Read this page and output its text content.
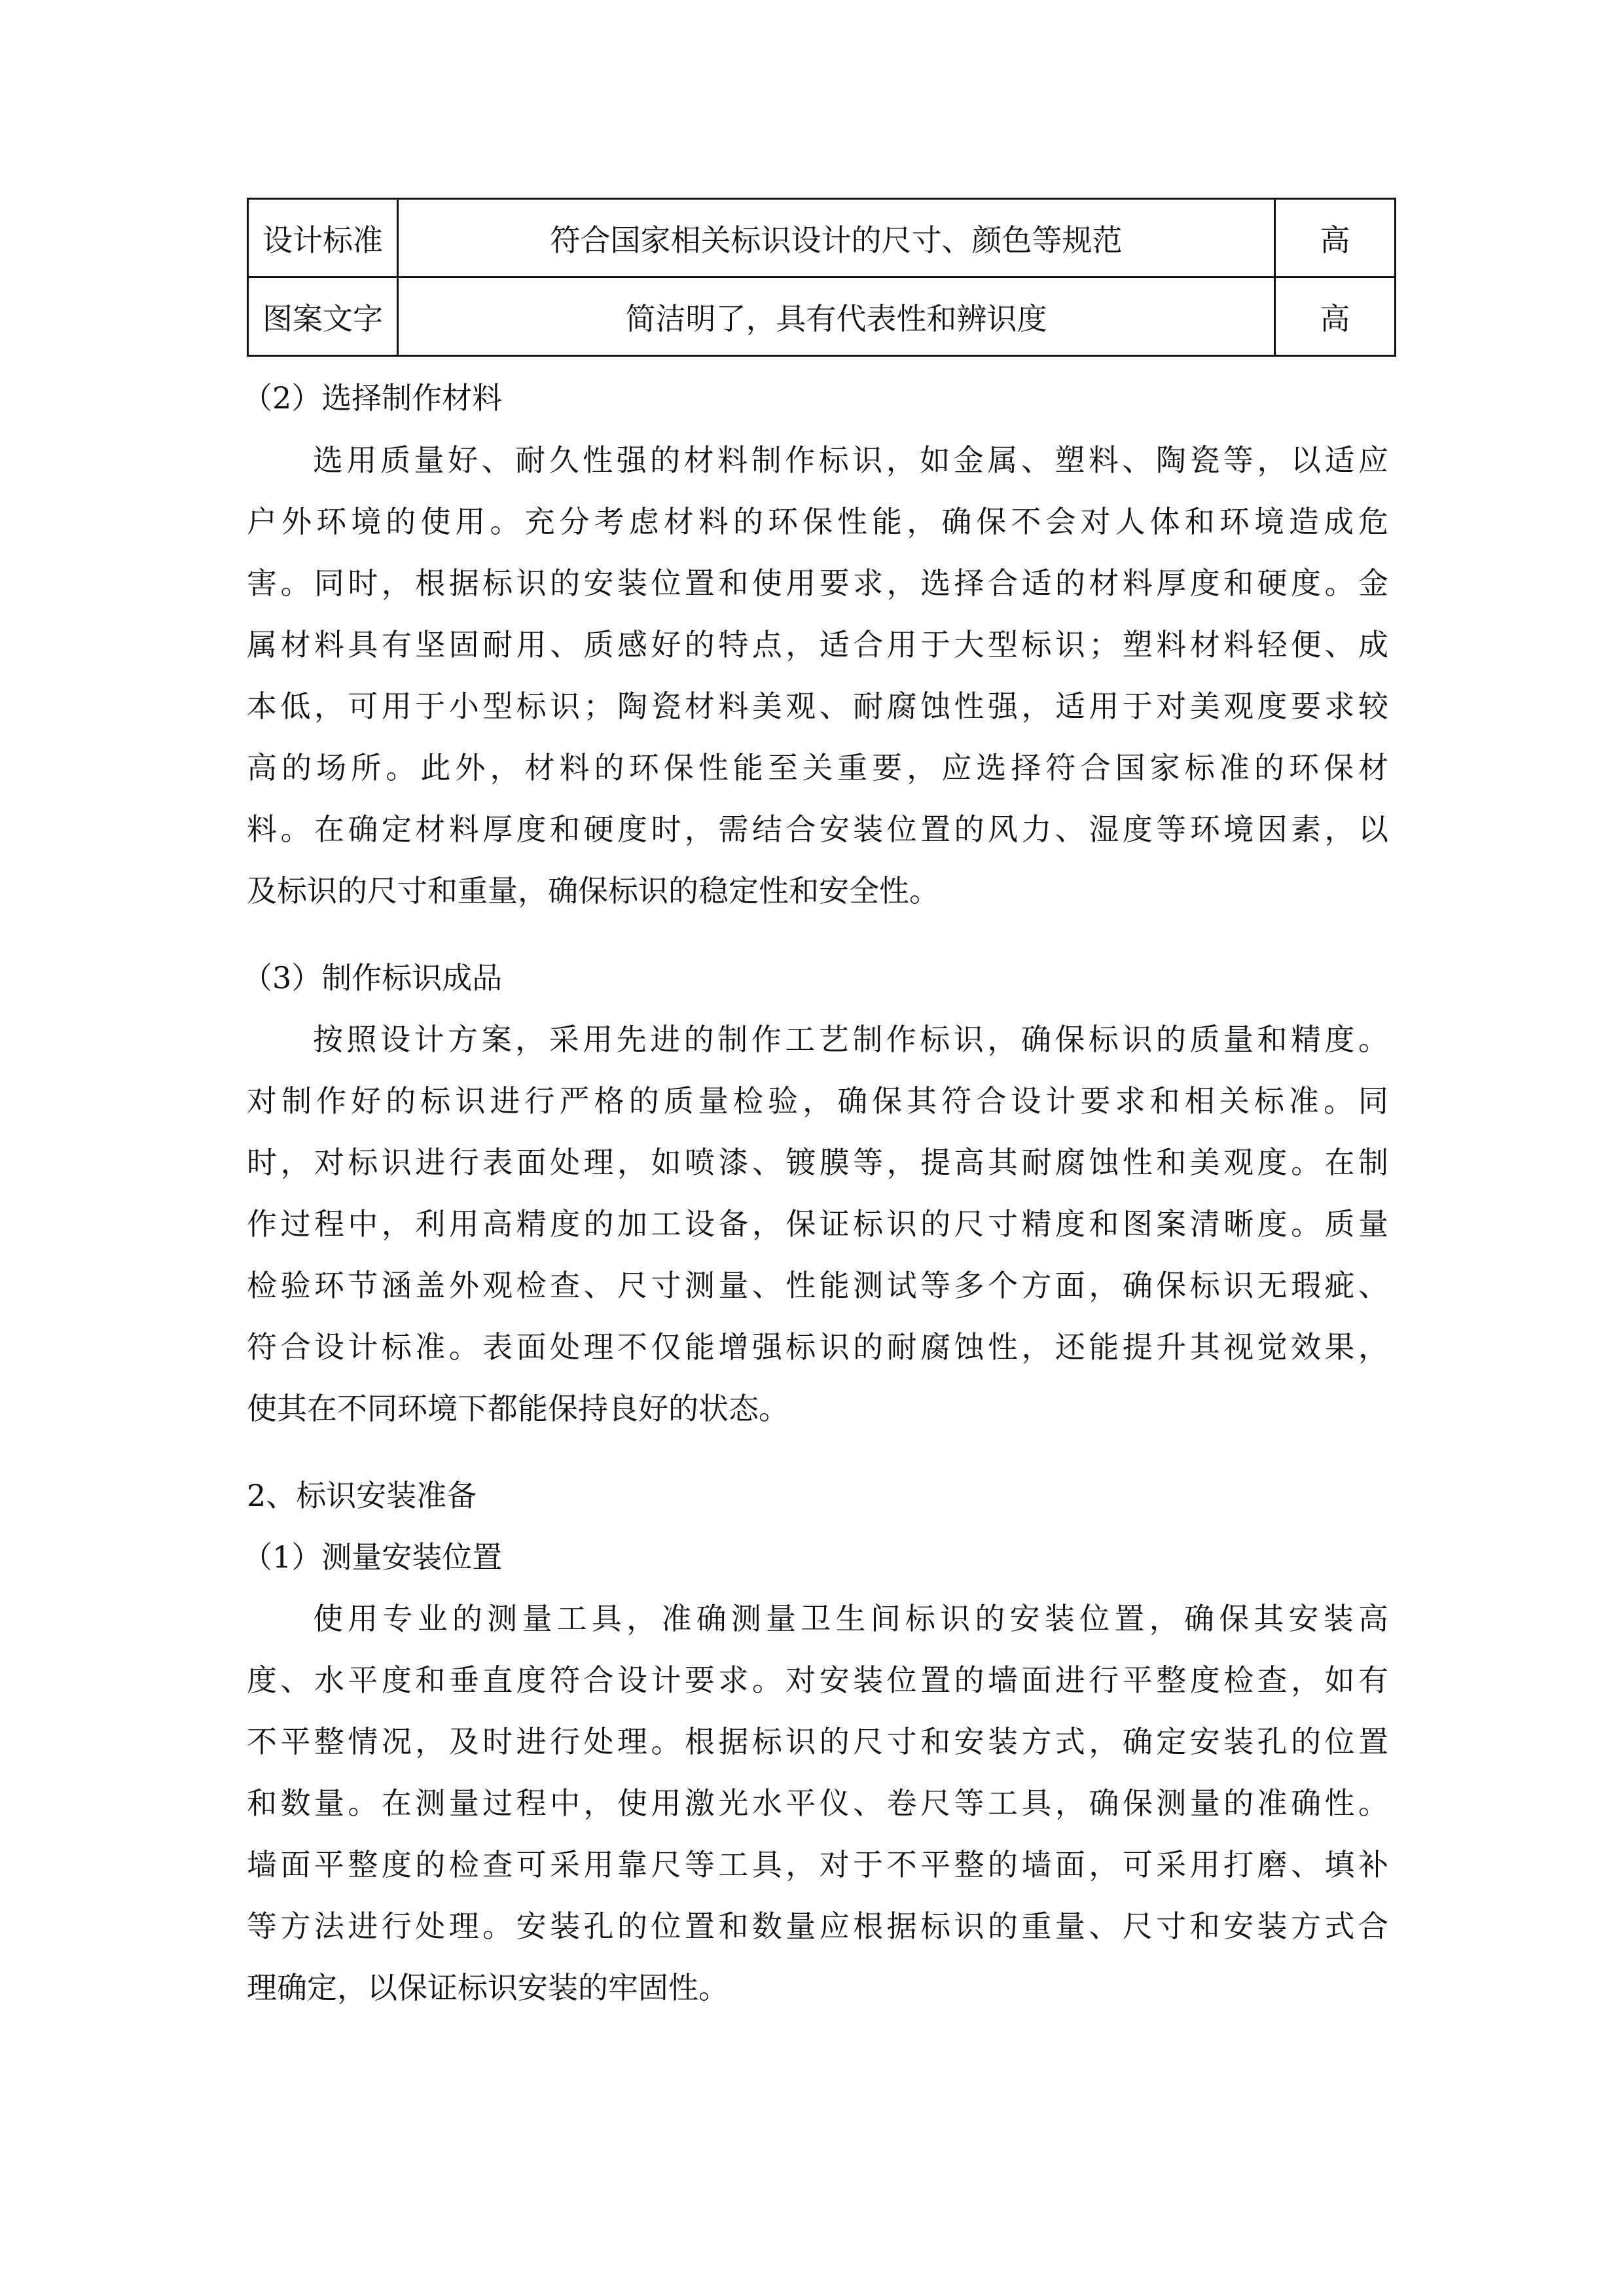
设计标准	符合国家相关标识设计的尺寸、颜色等规范	高
图案文字	简洁明了，具有代表性和辨识度	高
（2）选择制作材料
选用质量好、耐久性强的材料制作标识，如金属、塑料、陶瓷等，以适应
户外环境的使用。充分考虑材料的环保性能，确保不会对人体和环境造成危
害。同时，根据标识的安装位置和使用要求，选择合适的材料厚度和硬度。金
属材料具有坚固耐用、质感好的特点，适合用于大型标识；塑料材料轻便、成
本低，可用于小型标识；陶瓷材料美观、耐腐蚀性强，适用于对美观度要求较
高的场所。此外，材料的环保性能至关重要，应选择符合国家标准的环保材
料。在确定材料厚度和硬度时，需结合安装位置的风力、湿度等环境因素，以
及标识的尺寸和重量，确保标识的稳定性和安全性。
（3）制作标识成品
按照设计方案，采用先进的制作工艺制作标识，确保标识的质量和精度。
对制作好的标识进行严格的质量检验，确保其符合设计要求和相关标准。同
时，对标识进行表面处理，如喷漆、镀膜等，提高其耐腐蚀性和美观度。在制
作过程中，利用高精度的加工设备，保证标识的尺寸精度和图案清晰度。质量
检验环节涵盖外观检查、尺寸测量、性能测试等多个方面，确保标识无瑕疵、
符合设计标准。表面处理不仅能增强标识的耐腐蚀性，还能提升其视觉效果，
使其在不同环境下都能保持良好的状态。
2、标识安装准备
（1）测量安装位置
使用专业的测量工具，准确测量卫生间标识的安装位置，确保其安装高
度、水平度和垂直度符合设计要求。对安装位置的墙面进行平整度检查，如有
不平整情况，及时进行处理。根据标识的尺寸和安装方式，确定安装孔的位置
和数量。在测量过程中，使用激光水平仪、卷尺等工具，确保测量的准确性。
墙面平整度的检查可采用靠尺等工具，对于不平整的墙面，可采用打磨、填补
等方法进行处理。安装孔的位置和数量应根据标识的重量、尺寸和安装方式合
理确定，以保证标识安装的牢固性。
